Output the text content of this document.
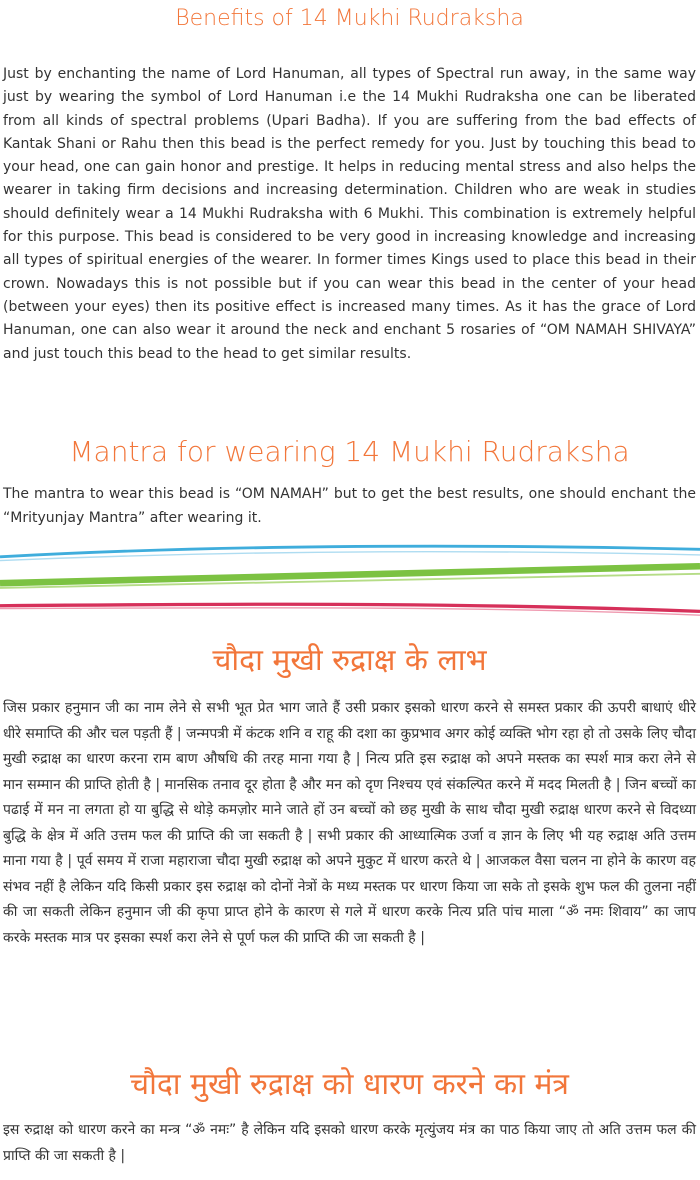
Benefits of 14 Mukhi Rudraksha

Just by enchanting the name of Lord Hanuman, all types of Spectral run away, in the same way just by wearing the symbol of Lord Hanuman i.e the 14 Mukhi Rudraksha one can be liberated from all kinds of spectral problems (Upari Badha). If you are suffering from the bad effects of Kantak Shani or Rahu then this bead is the perfect remedy for you. Just by touching this bead to your head, one can gain honor and prestige. It helps in reducing mental stress and also helps the wearer in taking firm decisions and increasing determination. Children who are weak in studies should definitely wear a 14 Mukhi Rudraksha with 6 Mukhi. This combination is extremely helpful for this purpose. This bead is considered to be very good in increasing knowledge and increasing all types of spiritual energies of the wearer. In former times Kings used to place this bead in their crown. Nowadays this is not possible but if you can wear this bead in the center of your head (between your eyes) then its positive effect is increased many times. As it has the grace of Lord Hanuman, one can also wear it around the neck and enchant 5 rosaries of “OM NAMAH SHIVAYA” and just touch this bead to the head to get similar results.

Mantra for wearing 14 Mukhi Rudraksha

The mantra to wear this bead is “OM NAMAH” but to get the best results, one should enchant the “Mrityunjay Mantra” after wearing it.

चौदा मुखी रुद्राक्ष के लाभ

जिस प्रकार हनुमान जी का नाम लेने से सभी भूत प्रेत भाग जाते हैं उसी प्रकार इसको धारण करने से समस्त प्रकार की ऊपरी बाधाएं धीरे धीरे समाप्ति की और चल पड़ती हैं | जन्मपत्री में कंटक शनि व राहू की दशा का कुप्रभाव अगर कोई व्यक्ति भोग रहा हो तो उसके लिए चौदा मुखी रुद्राक्ष का धारण करना राम बाण औषधि की तरह माना गया है | नित्य प्रति इस रुद्राक्ष को अपने मस्तक का स्पर्श मात्र करा लेने से मान सम्मान की प्राप्ति होती है | मानसिक तनाव दूर होता है और मन को दृण निश्चय एवं संकल्पित करने में मदद मिलती है | जिन बच्चों का पढाई में मन ना लगता हो या बुद्धि से थोड़े कमज़ोर माने जाते हों उन बच्चों को छह मुखी के साथ चौदा मुखी रुद्राक्ष धारण करने से विदध्या बुद्धि के क्षेत्र में अति उत्तम फल की प्राप्ति की जा सकती है | सभी प्रकार की आध्यात्मिक उर्जा व ज्ञान के लिए भी यह रुद्राक्ष अति उत्तम माना गया है | पूर्व समय में राजा महाराजा चौदा मुखी रुद्राक्ष को अपने मुकुट में धारण करते थे | आजकल वैसा चलन ना होने के कारण वह संभव नहीं है लेकिन यदि किसी प्रकार इस रुद्राक्ष को दोनों नेत्रों के मध्य मस्तक पर धारण किया जा सके तो इसके शुभ फल की तुलना नहीं की जा सकती लेकिन हनुमान जी की कृपा प्राप्त होने के कारण से गले में धारण करके नित्य प्रति पांच माला “ॐ नमः शिवाय” का जाप करके मस्तक मात्र पर इसका स्पर्श करा लेने से पूर्ण फल की प्राप्ति की जा सकती है |

चौदा मुखी रुद्राक्ष को धारण करने का मंत्र

इस रुद्राक्ष को धारण करने का मन्त्र “ॐ नमः” है लेकिन यदि इसको धारण करके मृत्युंजय मंत्र का पाठ किया जाए तो अति उत्तम फल की प्राप्ति की जा सकती है |
